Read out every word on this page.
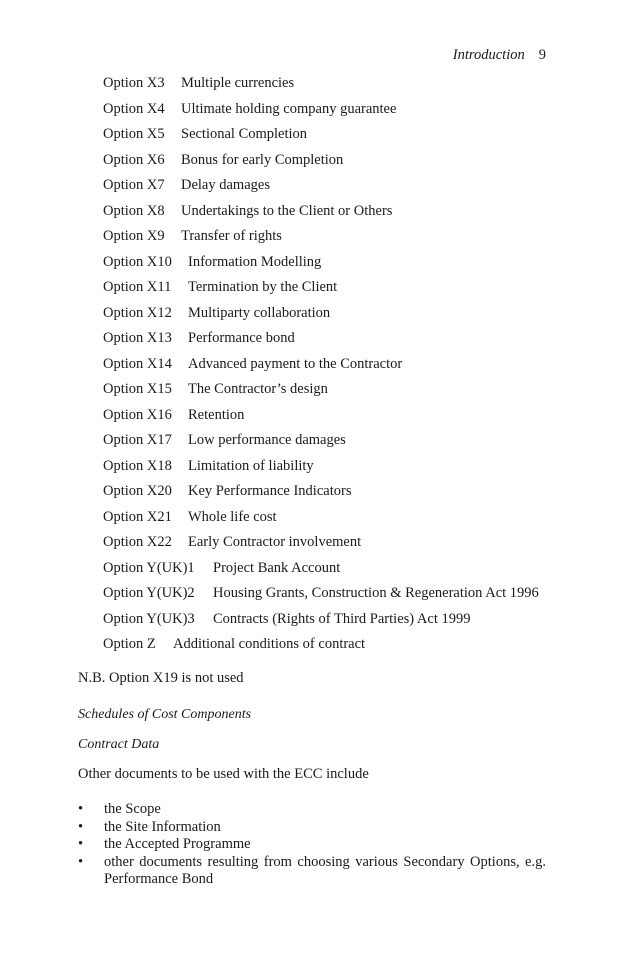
Introduction 9
Option X3 Multiple currencies
Option X4 Ultimate holding company guarantee
Option X5 Sectional Completion
Option X6 Bonus for early Completion
Option X7 Delay damages
Option X8 Undertakings to the Client or Others
Option X9 Transfer of rights
Option X10 Information Modelling
Option X11 Termination by the Client
Option X12 Multiparty collaboration
Option X13 Performance bond
Option X14 Advanced payment to the Contractor
Option X15 The Contractor’s design
Option X16 Retention
Option X17 Low performance damages
Option X18 Limitation of liability
Option X20 Key Performance Indicators
Option X21 Whole life cost
Option X22 Early Contractor involvement
Option Y(UK)1 Project Bank Account
Option Y(UK)2 Housing Grants, Construction & Regeneration Act 1996
Option Y(UK)3 Contracts (Rights of Third Parties) Act 1999
Option Z Additional conditions of contract
N.B. Option X19 is not used
Schedules of Cost Components
Contract Data
Other documents to be used with the ECC include
• the Scope
• the Site Information
• the Accepted Programme
• other documents resulting from choosing various Secondary Options, e.g. Performance Bond
